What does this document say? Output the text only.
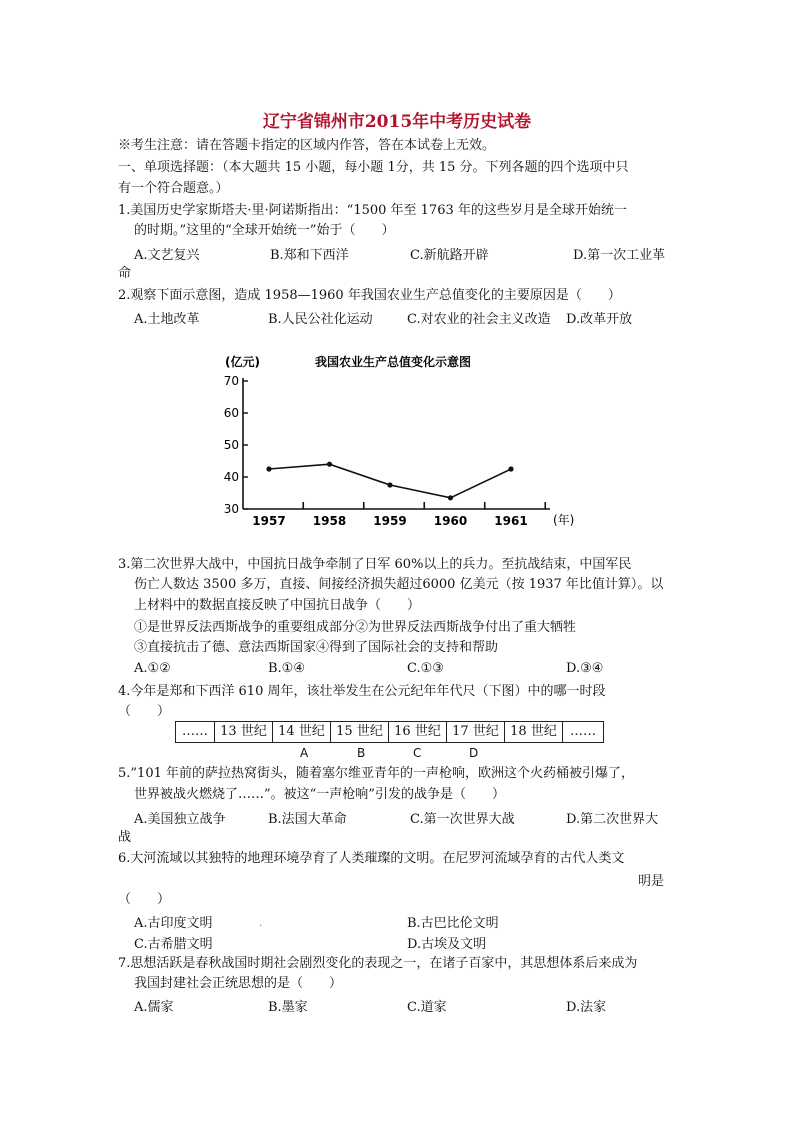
辽宁省锦州市2015年中考历史试卷
※考生注意：请在答题卡指定的区域内作答，答在本试卷上无效。
一、单项选择题：（本大题共 15 小题，每小题 1分，共 15 分。下列各题的四个选项中只
有一个符合题意。）
1.美国历史学家斯塔夫·里·阿诺斯指出：“1500 年至 1763 年的这些岁月是全球开始统一
的时期。”这里的“全球开始统一”始于（　　）
A.文艺复兴	B.郑和下西洋	C.新航路开辟	D.第一次工业革
命
2.观察下面示意图，造成 1958—1960 年我国农业生产总值变化的主要原因是（　　）
A.土地改革	B.人民公社化运动	C.对农业的社会主义改造 D.改革开放
(亿元)	我国农业生产总值变化示意图
30
40
50
60
70
1957 1958 1959 1960 1961 (年)
3.第二次世界大战中，中国抗日战争牵制了日军 60%以上的兵力。至抗战结束，中国军民
伤亡人数达 3500 多万，直接、间接经济损失超过6000 亿美元（按 1937 年比值计算）。以
上材料中的数据直接反映了中国抗日战争（　　）
①是世界反法西斯战争的重要组成部分②为世界反法西斯战争付出了重大牺牲
③直接抗击了德、意法西斯国家④得到了国际社会的支持和帮助
A.①②	B.①④	C.①③	D.③④
4.今年是郑和下西洋 610 周年，该壮举发生在公元纪年年代尺（下图）中的哪一时段
（　　）
…… 13 世纪 14 世纪 15 世纪 16 世纪 17 世纪 18 世纪	……
A	B	C	D
5.”101 年前的萨拉热窝街头，随着塞尔维亚青年的一声枪响，欧洲这个火药桶被引爆了，
世界被战火燃烧了……”。被这“一声枪响”引发的战争是（　　）
A.美国独立战争	B.法国大革命	C.第一次世界大战	D.第二次世界大
战
6.大河流域以其独特的地理环境孕育了人类璀璨的文明。在尼罗河流域孕育的古代人类文
明是
（　　）
A.古印度文明	.	B.古巴比伦文明
C.古希腊文明	D.古埃及文明
7.思想活跃是春秋战国时期社会剧烈变化的表现之一，在诸子百家中，其思想体系后来成为
我国封建社会正统思想的是（　　）
A.儒家	B.墨家	C.道家	D.法家
